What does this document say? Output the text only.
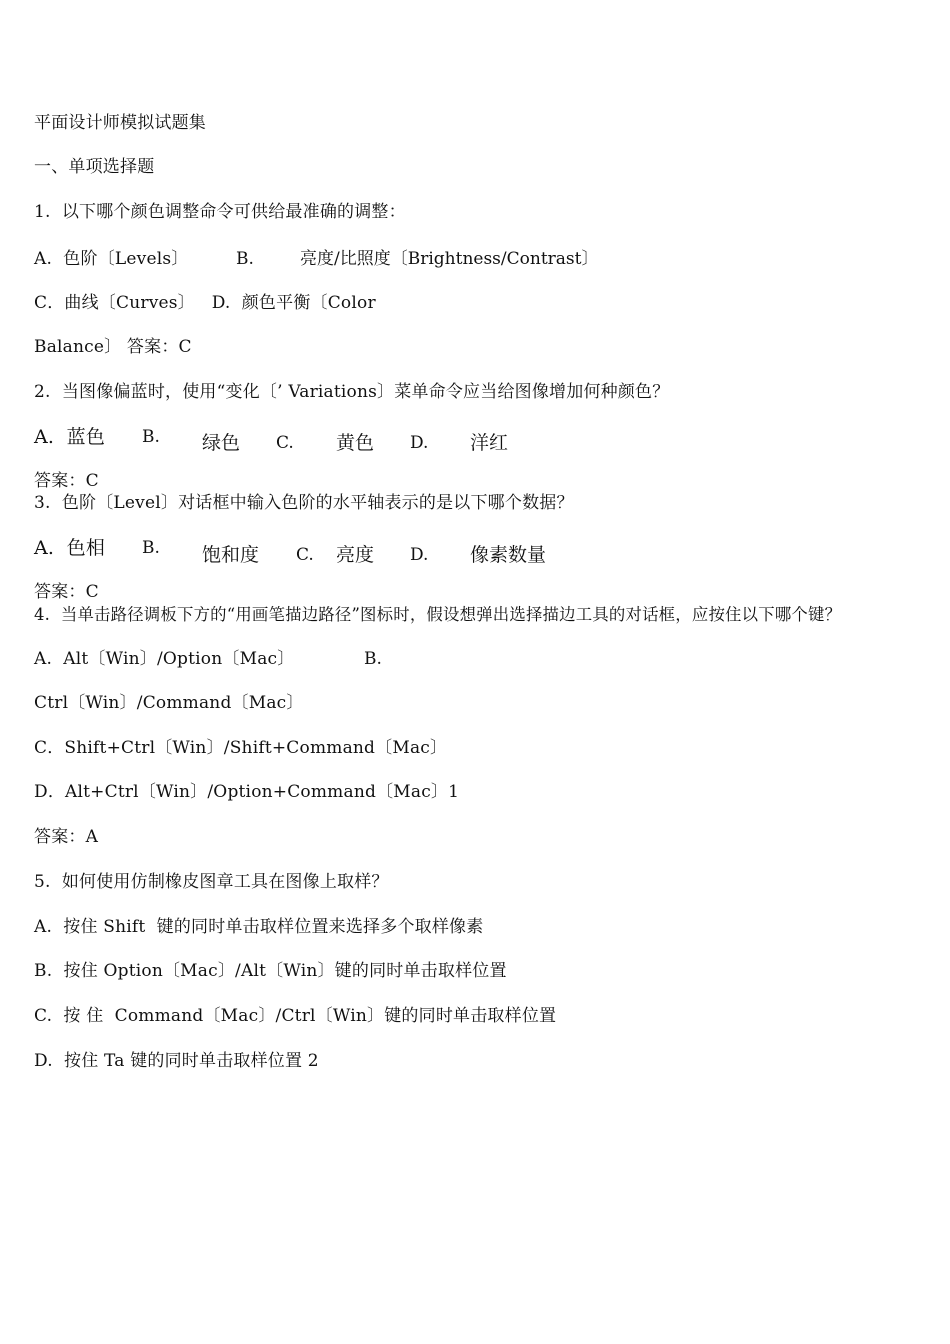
平面设计师模拟试题集
一、单项选择题
1.  以下哪个颜色调整命令可供给最准确的调整：
A.  色阶〔Levels〕	B.	亮度/比照度〔Brightness/Contrast〕
C．曲线〔Curves〕   D.  颜色平衡〔Color
Balance〕 答案：C
2.  当图像偏蓝时，使用“变化〔’ Variations〕菜单命令应当给图像增加何种颜色？
A.  蓝色 B. 绿色 C. 黄色 D. 洋红
答案：C
3.  色阶〔Level〕对话框中输入色阶的水平轴表示的是以下哪个数据？
A.  色相 B. 饱和度 C. 亮度 D. 像素数量
答案：C
4.  当单击路径调板下方的“用画笔描边路径”图标时，假设想弹出选择描边工具的对话框，应按住以下哪个键？
A.  Alt〔Win〕/Option〔Mac〕	B.
Ctrl〔Win〕/Command〔Mac〕
C．Shift+Ctrl〔Win〕/Shift+Command〔Mac〕
D．Alt+Ctrl〔Win〕/Option+Command〔Mac〕1
答案：A
5.  如何使用仿制橡皮图章工具在图像上取样？
A.  按住 Shift  键的同时单击取样位置来选择多个取样像素
B.  按住 Option〔Mac〕/Alt〔Win〕键的同时单击取样位置
C.  按 住  Command〔Mac〕/Ctrl〔Win〕键的同时单击取样位置
D.  按住 Ta 键的同时单击取样位置 2
